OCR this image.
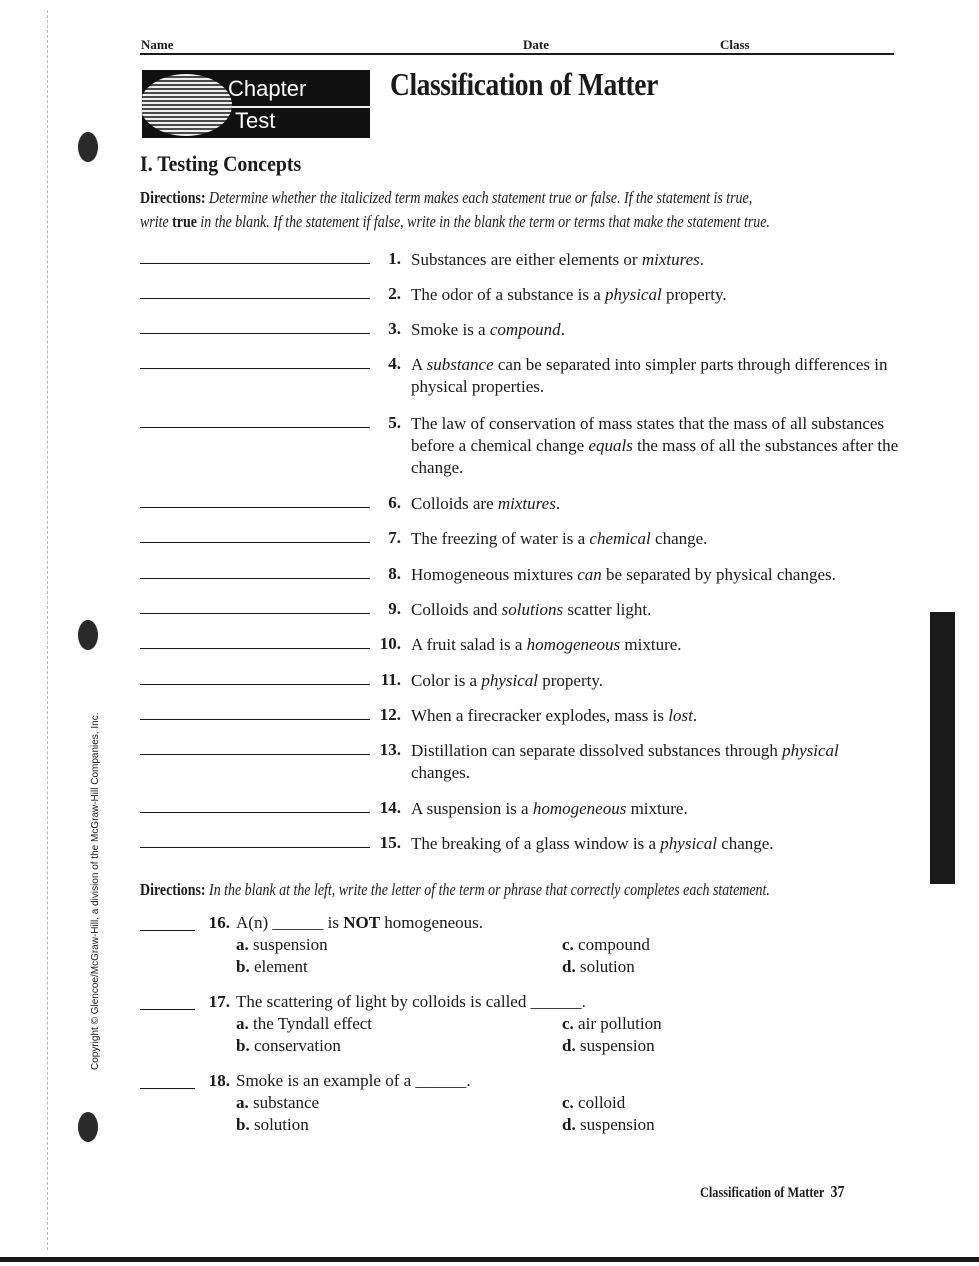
Name	Date	Class
Chapter
Test
Classification of Matter
I. Testing Concepts
Directions: Determine whether the italicized term makes each statement true or false. If the statement is true,
write true in the blank. If the statement if false, write in the blank the term or terms that make the statement true.
1. Substances are either elements or mixtures.
2. The odor of a substance is a physical property.
3. Smoke is a compound.
4. A substance can be separated into simpler parts through differences in physical properties.
5. The law of conservation of mass states that the mass of all substances before a chemical change equals the mass of all the substances after the change.
6. Colloids are mixtures.
7. The freezing of water is a chemical change.
8. Homogeneous mixtures can be separated by physical changes.
9. Colloids and solutions scatter light.
10. A fruit salad is a homogeneous mixture.
11. Color is a physical property.
12. When a firecracker explodes, mass is lost.
13. Distillation can separate dissolved substances through physical changes.
14. A suspension is a homogeneous mixture.
15. The breaking of a glass window is a physical change.
Directions: In the blank at the left, write the letter of the term or phrase that correctly completes each statement.
16. A(n) ______ is NOT homogeneous.
a. suspension	c. compound
b. element	d. solution
17. The scattering of light by colloids is called ______.
a. the Tyndall effect	c. air pollution
b. conservation	d. suspension
18. Smoke is an example of a ______.
a. substance	c. colloid
b. solution	d. suspension
Assessment
Copyright © Glencoe/McGraw-Hill, a division of the McGraw-Hill Companies, Inc.
Classification of Matter 37
